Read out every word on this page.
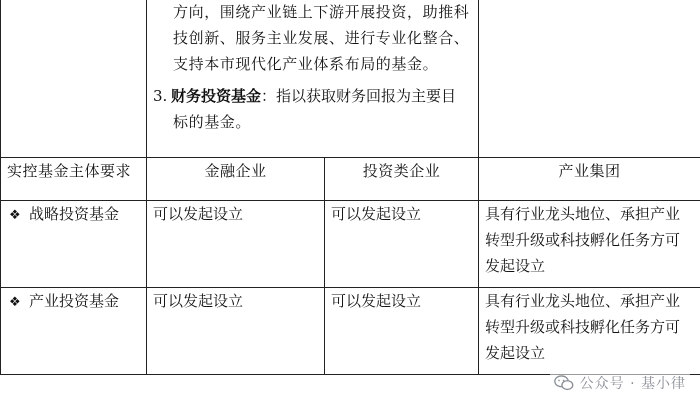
	方向，围绕产业链上下游开展投资，助推科
技创新、服务主业发展、进行专业化整合、
支持本市现代化产业体系布局的基金。
3. 财务投资基金：指以获取财务回报为主要目
标的基金。		

实控基金主体要求	金融企业	投资类企业	产业集团
❖ 战略投资基金	可以发起设立	可以发起设立	具有行业龙头地位、承担产业
转型升级或科技孵化任务方可
发起设立

❖ 产业投资基金	可以发起设立	可以发起设立	具有行业龙头地位、承担产业
转型升级或科技孵化任务方可
发起设立
公众号 · 基小律
